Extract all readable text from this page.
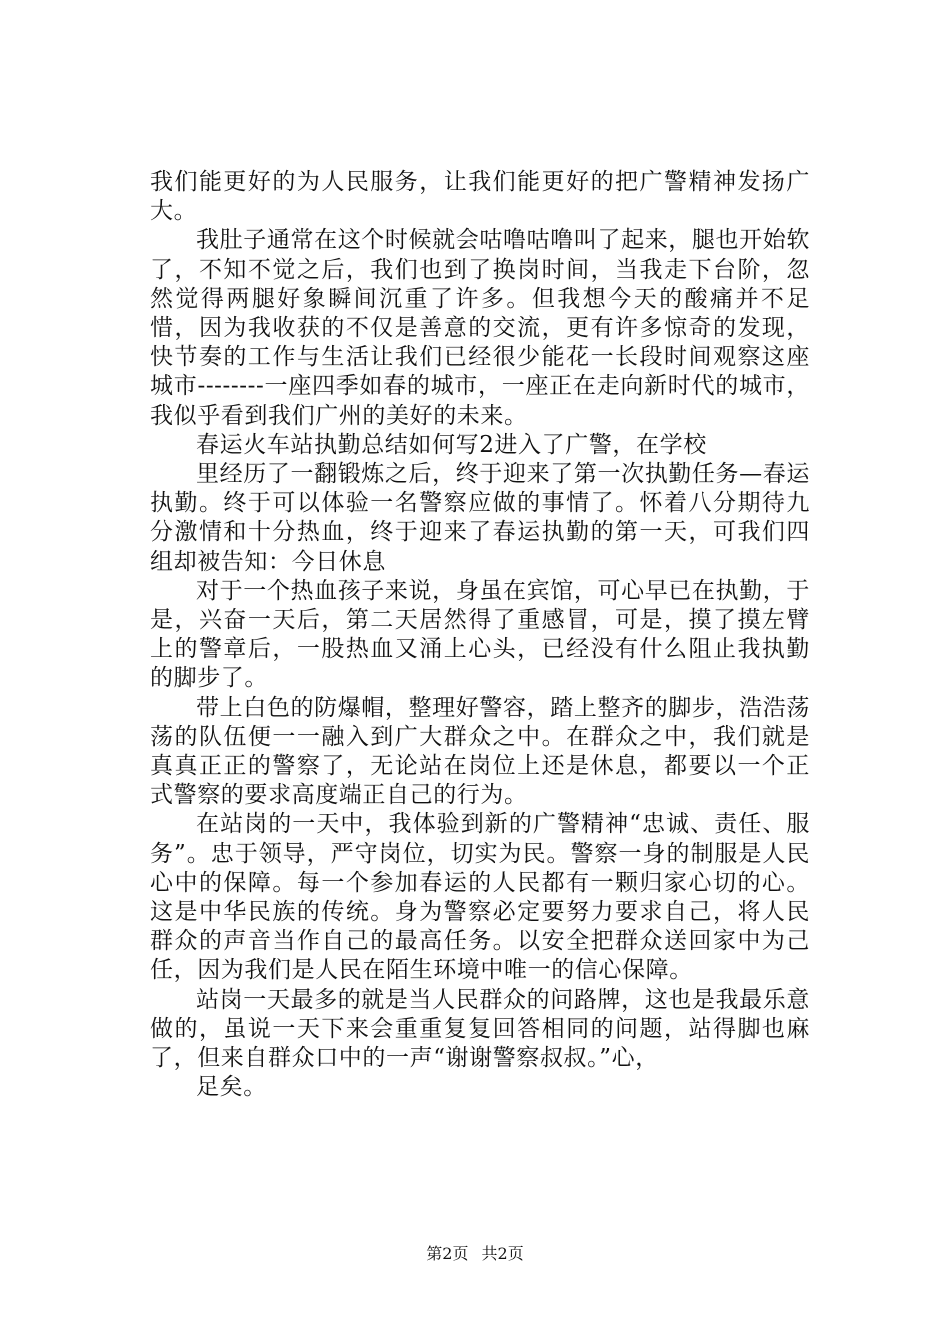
我们能更好的为人民服务，让我们能更好的把广警精神发扬广大。

我肚子通常在这个时候就会咕噜咕噜叫了起来，腿也开始软了，不知不觉之后，我们也到了换岗时间，当我走下台阶，忽然觉得两腿好象瞬间沉重了许多。但我想今天的酸痛并不足惜，因为我收获的不仅是善意的交流，更有许多惊奇的发现，快节奏的工作与生活让我们已经很少能花一长段时间观察这座城市--------一座四季如春的城市，一座正在走向新时代的城市，我似乎看到我们广州的美好的未来。

春运火车站执勤总结如何写2进入了广警，在学校

里经历了一翻锻炼之后，终于迎来了第一次执勤任务—春运执勤。终于可以体验一名警察应做的事情了。怀着八分期待九分激情和十分热血，终于迎来了春运执勤的第一天，可我们四组却被告知：今日休息

对于一个热血孩子来说，身虽在宾馆，可心早已在执勤，于是，兴奋一天后，第二天居然得了重感冒，可是，摸了摸左臂上的警章后，一股热血又涌上心头，已经没有什么阻止我执勤的脚步了。

带上白色的防爆帽，整理好警容，踏上整齐的脚步，浩浩荡荡的队伍便一一融入到广大群众之中。在群众之中，我们就是真真正正的警察了，无论站在岗位上还是休息，都要以一个正式警察的要求高度端正自己的行为。

在站岗的一天中，我体验到新的广警精神“忠诚、责任、服务”。忠于领导，严守岗位，切实为民。警察一身的制服是人民心中的保障。每一个参加春运的人民都有一颗归家心切的心。这是中华民族的传统。身为警察必定要努力要求自己，将人民群众的声音当作自己的最高任务。以安全把群众送回家中为己任，因为我们是人民在陌生环境中唯一的信心保障。

站岗一天最多的就是当人民群众的问路牌，这也是我最乐意做的，虽说一天下来会重重复复回答相同的问题，站得脚也麻了，但来自群众口中的一声“谢谢警察叔叔。”心，

足矣。

第2页 共2页
